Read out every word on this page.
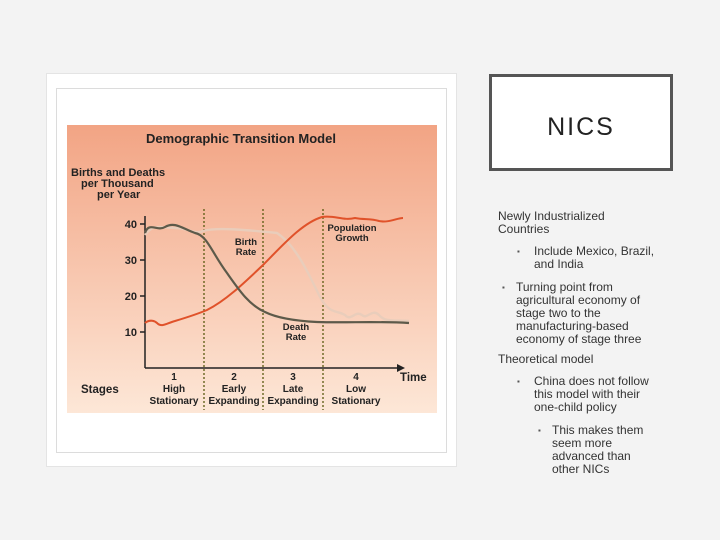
Demographic Transition Model
Births and Deaths
per Thousand
per Year
40
30
20
10
Birth
Rate
Population
Growth
Death
Rate
Time
Stages
1
High
Stationary
2
Early
Expanding
3
Late
Expanding
4
Low
Stationary
NICS
Newly Industrialized Countries
▪ Include Mexico, Brazil, and India
▪ Turning point from agricultural economy of stage two to the manufacturing-based economy of stage three
Theoretical model
▪ China does not follow this model with their one-child policy
▪ This makes them seem more advanced than other NICs
